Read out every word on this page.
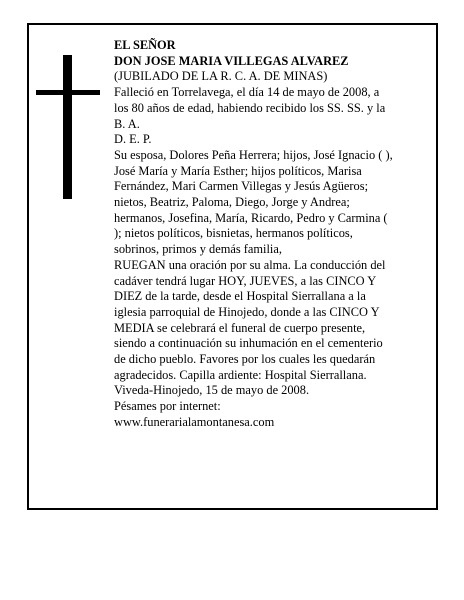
EL SEÑOR
DON JOSE MARIA VILLEGAS ALVAREZ
(JUBILADO DE LA R. C. A. DE MINAS)
Falleció en Torrelavega, el día 14 de mayo de 2008, a
los 80 años de edad, habiendo recibido los SS. SS. y la
B. A.
D. E. P.
Su esposa, Dolores Peña Herrera; hijos, José Ignacio ( ),
José María y María Esther; hijos políticos, Marisa
Fernández, Mari Carmen Villegas y Jesús Agüeros;
nietos, Beatriz, Paloma, Diego, Jorge y Andrea;
hermanos, Josefina, María, Ricardo, Pedro y Carmina (
); nietos políticos, bisnietas, hermanos políticos,
sobrinos, primos y demás familia,
RUEGAN una oración por su alma. La conducción del
cadáver tendrá lugar HOY, JUEVES, a las CINCO Y
DIEZ de la tarde, desde el Hospital Sierrallana a la
iglesia parroquial de Hinojedo, donde a las CINCO Y
MEDIA se celebrará el funeral de cuerpo presente,
siendo a continuación su inhumación en el cementerio
de dicho pueblo. Favores por los cuales les quedarán
agradecidos. Capilla ardiente: Hospital Sierrallana.
Viveda-Hinojedo, 15 de mayo de 2008.
Pésames por internet:
www.funerarialamontanesa.com
